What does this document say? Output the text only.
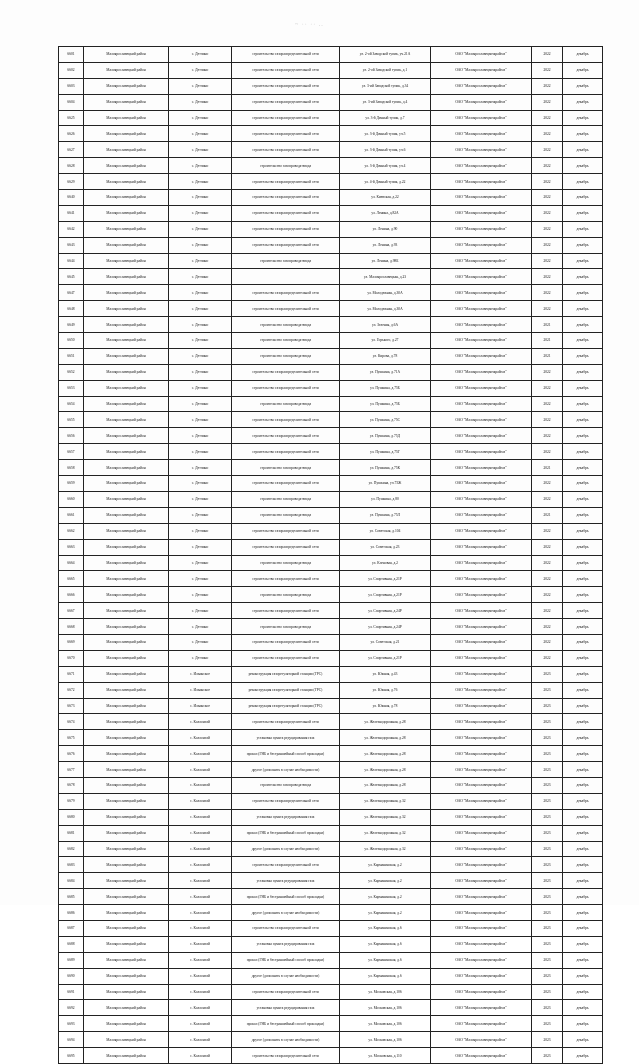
~ ·· ·· ..
6601	Малоярославецкий район	с. Детчино	строительство газораспределительной сети	ул. 2-ой Заводской тупик, уч.21А	ОАО "Малоярославецмежрайгаз"	2022	декабрь
6602	Малоярославецкий район	с. Детчино	строительство газораспределительной сети	ул. 2-ой Заводской тупик, д.1	ОАО "Малоярославецмежрайгаз"	2022	декабрь
6603	Малоярославецкий район	с. Детчино	строительство газораспределительной сети	ул. 3-ий Заводской тупик, д.34	ОАО "Малоярославецмежрайгаз"	2022	декабрь
6604	Малоярославецкий район	с. Детчино	строительство газораспределительной сети	ул. 3-ий Заводской тупик, д.4	ОАО "Малоярославецмежрайгаз"	2022	декабрь
6625	Малоярославецкий район	с. Детчино	строительство газораспределительной сети	ул. 3-й Дачный тупик, д.7	ОАО "Малоярославецмежрайгаз"	2022	декабрь
6626	Малоярославецкий район	с. Детчино	строительство газораспределительной сети	ул. 3-й Дачный тупик, уч.5	ОАО "Малоярославецмежрайгаз"	2022	декабрь
6627	Малоярославецкий район	с. Детчино	строительство газораспределительной сети	ул. 3-й Дачный тупик, уч.6	ОАО "Малоярославецмежрайгаз"	2022	декабрь
6628	Малоярославецкий район	с. Детчино	строительство газопровода-ввода	ул. 3-й Дачный тупик, уч.4	ОАО "Малоярославецмежрайгаз"	2022	декабрь
6629	Малоярославецкий район	с. Детчино	строительство газораспределительной сети	ул. 4-й Дачный тупик, д.22	ОАО "Малоярославецмежрайгаз"	2022	декабрь
6640	Малоярославецкий район	с. Детчино	строительство газораспределительной сети	ул. Киевская, д.22	ОАО "Малоярославецмежрайгаз"	2022	декабрь
6641	Малоярославецкий район	с. Детчино	строительство газораспределительной сети	ул. Ленина, д.82А	ОАО "Малоярославецмежрайгаз"	2022	декабрь
6642	Малоярославецкий район	с. Детчино	строительство газораспределительной сети	ул. Ленина, д.90	ОАО "Малоярославецмежрайгаз"	2022	декабрь
6643	Малоярославецкий район	с. Детчино	строительство газораспределительной сети	ул. Ленина, д.93	ОАО "Малоярославецмежрайгаз"	2022	декабрь
6644	Малоярославецкий район	с. Детчино	строительство газопровода-ввода	ул. Ленина, д.98Б	ОАО "Малоярославецмежрайгаз"	2022	декабрь
6645	Малоярославецкий район	с. Детчино		ул. Малоярославецкая, д.23	ОАО "Малоярославецмежрайгаз"	2022	декабрь
6647	Малоярославецкий район	с. Детчино	строительство газораспределительной сети	ул. Молодежная, д.30А	ОАО "Малоярославецмежрайгаз"	2022	декабрь
6648	Малоярославецкий район	с. Детчино	строительство газораспределительной сети	ул. Молодежная, д.30А	ОАО "Малоярославецмежрайгаз"	2022	декабрь
6649	Малоярославецкий район	с. Детчино	строительство газопровода-ввода	ул. Зеленая, д.6А	ОАО "Малоярославецмежрайгаз"	2021	декабрь
6650	Малоярославецкий район	с. Детчино	строительство газопровода-ввода	ул. Горького, д.27	ОАО "Малоярославецмежрайгаз"	2021	декабрь
6651	Малоярославецкий район	с. Детчино	строительство газопровода-ввода	ул. Кирова, д.78	ОАО "Малоярославецмежрайгаз"	2021	декабрь
6652	Малоярославецкий район	с. Детчино	строительство газораспределительной сети	ул. Пушкина, д.71А	ОАО "Малоярославецмежрайгаз"	2022	декабрь
6653	Малоярославецкий район	с. Детчино	строительство газораспределительной сети	ул. Пушкина, д.75Б	ОАО "Малоярославецмежрайгаз"	2022	декабрь
6654	Малоярославецкий район	с. Детчино	строительство газопровода-ввода	ул. Пушкина, д.75Б	ОАО "Малоярославецмежрайгаз"	2022	декабрь
6655	Малоярославецкий район	с. Детчино	строительство газораспределительной сети	ул. Пушкина, д.75С	ОАО "Малоярославецмежрайгаз"	2022	декабрь
6656	Малоярославецкий район	с. Детчино	строительство газораспределительной сети	ул. Пушкина, д.75Д	ОАО "Малоярославецмежрайгаз"	2022	декабрь
6657	Малоярославецкий район	с. Детчино	строительство газораспределительной сети	ул. Пушкина, д.75Г	ОАО "Малоярославецмежрайгаз"	2022	декабрь
6658	Малоярославецкий район	с. Детчино	строительство газопровода-ввода	ул. Пушкина, д.75К	ОАО "Малоярославецмежрайгаз"	2021	декабрь
6659	Малоярославецкий район	с. Детчино	строительство газораспределительной сети	ул. Пушкина, уч.75Ж	ОАО "Малоярославецмежрайгаз"	2022	декабрь
6660	Малоярославецкий район	с. Детчино	строительство газопровода-ввода	ул. Пушкина, д.80	ОАО "Малоярославецмежрайгаз"	2022	декабрь
6661	Малоярославецкий район	с. Детчино	строительство газопровода-ввода	ул. Пушкина, д.75Л	ОАО "Малоярославецмежрайгаз"	2021	декабрь
6662	Малоярославецкий район	с. Детчино	строительство газораспределительной сети	ул. Советская, д.104	ОАО "Малоярославецмежрайгаз"	2022	декабрь
6663	Малоярославецкий район	с. Детчино	строительство газораспределительной сети	ул. Советская, д.23	ОАО "Малоярославецмежрайгаз"	2022	декабрь
6664	Малоярославецкий район	с. Детчино	строительство газопровода-ввода	ул. Кленовая, д.2	ОАО "Малоярославецмежрайгаз"	2022	декабрь
6665	Малоярославецкий район	с. Детчино	строительство газораспределительной сети	ул. Спортивная, д.21Р	ОАО "Малоярославецмежрайгаз"	2022	декабрь
6666	Малоярославецкий район	с. Детчино	строительство газопровода-ввода	ул. Спортивная, д.21Р	ОАО "Малоярославецмежрайгаз"	2022	декабрь
6667	Малоярославецкий район	с. Детчино	строительство газораспределительной сети	ул. Спортивная, д.24Р	ОАО "Малоярославецмежрайгаз"	2022	декабрь
6668	Малоярославецкий район	с. Детчино	строительство газопровода-ввода	ул. Спортивная, д.24Р	ОАО "Малоярославецмежрайгаз"	2022	декабрь
6669	Малоярославецкий район	с. Детчино	строительство газораспределительной сети	ул. Советская, д.21	ОАО "Малоярославецмежрайгаз"	2022	декабрь
6670	Малоярославецкий район	с. Детчино	строительство газораспределительной сети	ул. Спортивная, д.21Р	ОАО "Малоярославецмежрайгаз"	2022	декабрь
6671	Малоярославецкий район	с. Ильинское	реконструкция газорегуляторной станции (ГРС)	ул. Южная, д.43	ОАО "Малоярославецмежрайгаз"	2023	декабрь
6672	Малоярославецкий район	с. Ильинское	реконструкция газорегуляторной станции (ГРС)	ул. Южная, д.76	ОАО "Малоярославецмежрайгаз"	2023	декабрь
6673	Малоярославецкий район	с. Ильинское	реконструкция газорегуляторной станции (ГРС)	ул. Южная, д.78	ОАО "Малоярославецмежрайгаз"	2023	декабрь
6674	Малоярославецкий район	с. Коллонтай	строительство газораспределительной сети	ул. Железнодорожная, д.28	ОАО "Малоярославецмежрайгаз"	2023	декабрь
6675	Малоярославецкий район	с. Коллонтай	установка пункта редуцирования газа	ул. Железнодорожная, д.28	ОАО "Малоярославецмежрайгаз"	2023	декабрь
6676	Малоярославецкий район	с. Коллонтай	прокол (ГНБ и бестраншейный способ прокладки)	ул. Железнодорожная, д.28	ОАО "Малоярославецмежрайгаз"	2023	декабрь
6677	Малоярославецкий район	с. Коллонтай	другое (дополнить в случае необходимости)	ул. Железнодорожная, д.28	ОАО "Малоярославецмежрайгаз"	2023	декабрь
6678	Малоярославецкий район	с. Коллонтай	строительство газопровода-ввода	ул. Железнодорожная, д.28	ОАО "Малоярославецмежрайгаз"	2023	декабрь
6679	Малоярославецкий район	с. Коллонтай	строительство газораспределительной сети	ул. Железнодорожная, д.32	ОАО "Малоярославецмежрайгаз"	2023	декабрь
6680	Малоярославецкий район	с. Коллонтай	установка пункта редуцирования газа	ул. Железнодорожная, д.32	ОАО "Малоярославецмежрайгаз"	2023	декабрь
6681	Малоярославецкий район	с. Коллонтай	прокол (ГНБ и бестраншейный способ прокладки)	ул. Железнодорожная, д.32	ОАО "Малоярославецмежрайгаз"	2023	декабрь
6682	Малоярославецкий район	с. Коллонтай	другое (дополнить в случае необходимости)	ул. Железнодорожная, д.32	ОАО "Малоярославецмежрайгаз"	2023	декабрь
6683	Малоярославецкий район	с. Коллонтай	строительство газораспределительной сети	ул. Карманинская, д.2	ОАО "Малоярославецмежрайгаз"	2023	декабрь
6684	Малоярославецкий район	с. Коллонтай	установка пункта редуцирования газа	ул. Карманинская, д.2	ОАО "Малоярославецмежрайгаз"	2023	декабрь
6685	Малоярославецкий район	с. Коллонтай	прокол (ГНБ и бестраншейный способ прокладки)	ул. Карманинская, д.2	ОАО "Малоярославецмежрайгаз"	2023	декабрь
6686	Малоярославецкий район	с. Коллонтай	другое (дополнить в случае необходимости)	ул. Карманинская, д.2	ОАО "Малоярославецмежрайгаз"	2023	декабрь
6687	Малоярославецкий район	с. Коллонтай	строительство газораспределительной сети	ул. Карманинская, д.6	ОАО "Малоярославецмежрайгаз"	2023	декабрь
6688	Малоярославецкий район	с. Коллонтай	установка пункта редуцирования газа	ул. Карманинская, д.6	ОАО "Малоярославецмежрайгаз"	2023	декабрь
6689	Малоярославецкий район	с. Коллонтай	прокол (ГНБ и бестраншейный способ прокладки)	ул. Карманинская, д.6	ОАО "Малоярославецмежрайгаз"	2023	декабрь
6690	Малоярославецкий район	с. Коллонтай	другое (дополнить в случае необходимости)	ул. Карманинская, д.6	ОАО "Малоярославецмежрайгаз"	2023	декабрь
6691	Малоярославецкий район	с. Коллонтай	строительство газораспределительной сети	ул. Московская, д.106	ОАО "Малоярославецмежрайгаз"	2023	декабрь
6692	Малоярославецкий район	с. Коллонтай	установка пункта редуцирования газа	ул. Московская, д.106	ОАО "Малоярославецмежрайгаз"	2023	декабрь
6693	Малоярославецкий район	с. Коллонтай	прокол (ГНБ и бестраншейный способ прокладки)	ул. Московская, д.106	ОАО "Малоярославецмежрайгаз"	2023	декабрь
6694	Малоярославецкий район	с. Коллонтай	другое (дополнить в случае необходимости)	ул. Московская, д.106	ОАО "Малоярославецмежрайгаз"	2023	декабрь
6695	Малоярославецкий район	с. Коллонтай	строительство газораспределительной сети	ул. Московская, д.110	ОАО "Малоярославецмежрайгаз"	2023	декабрь
